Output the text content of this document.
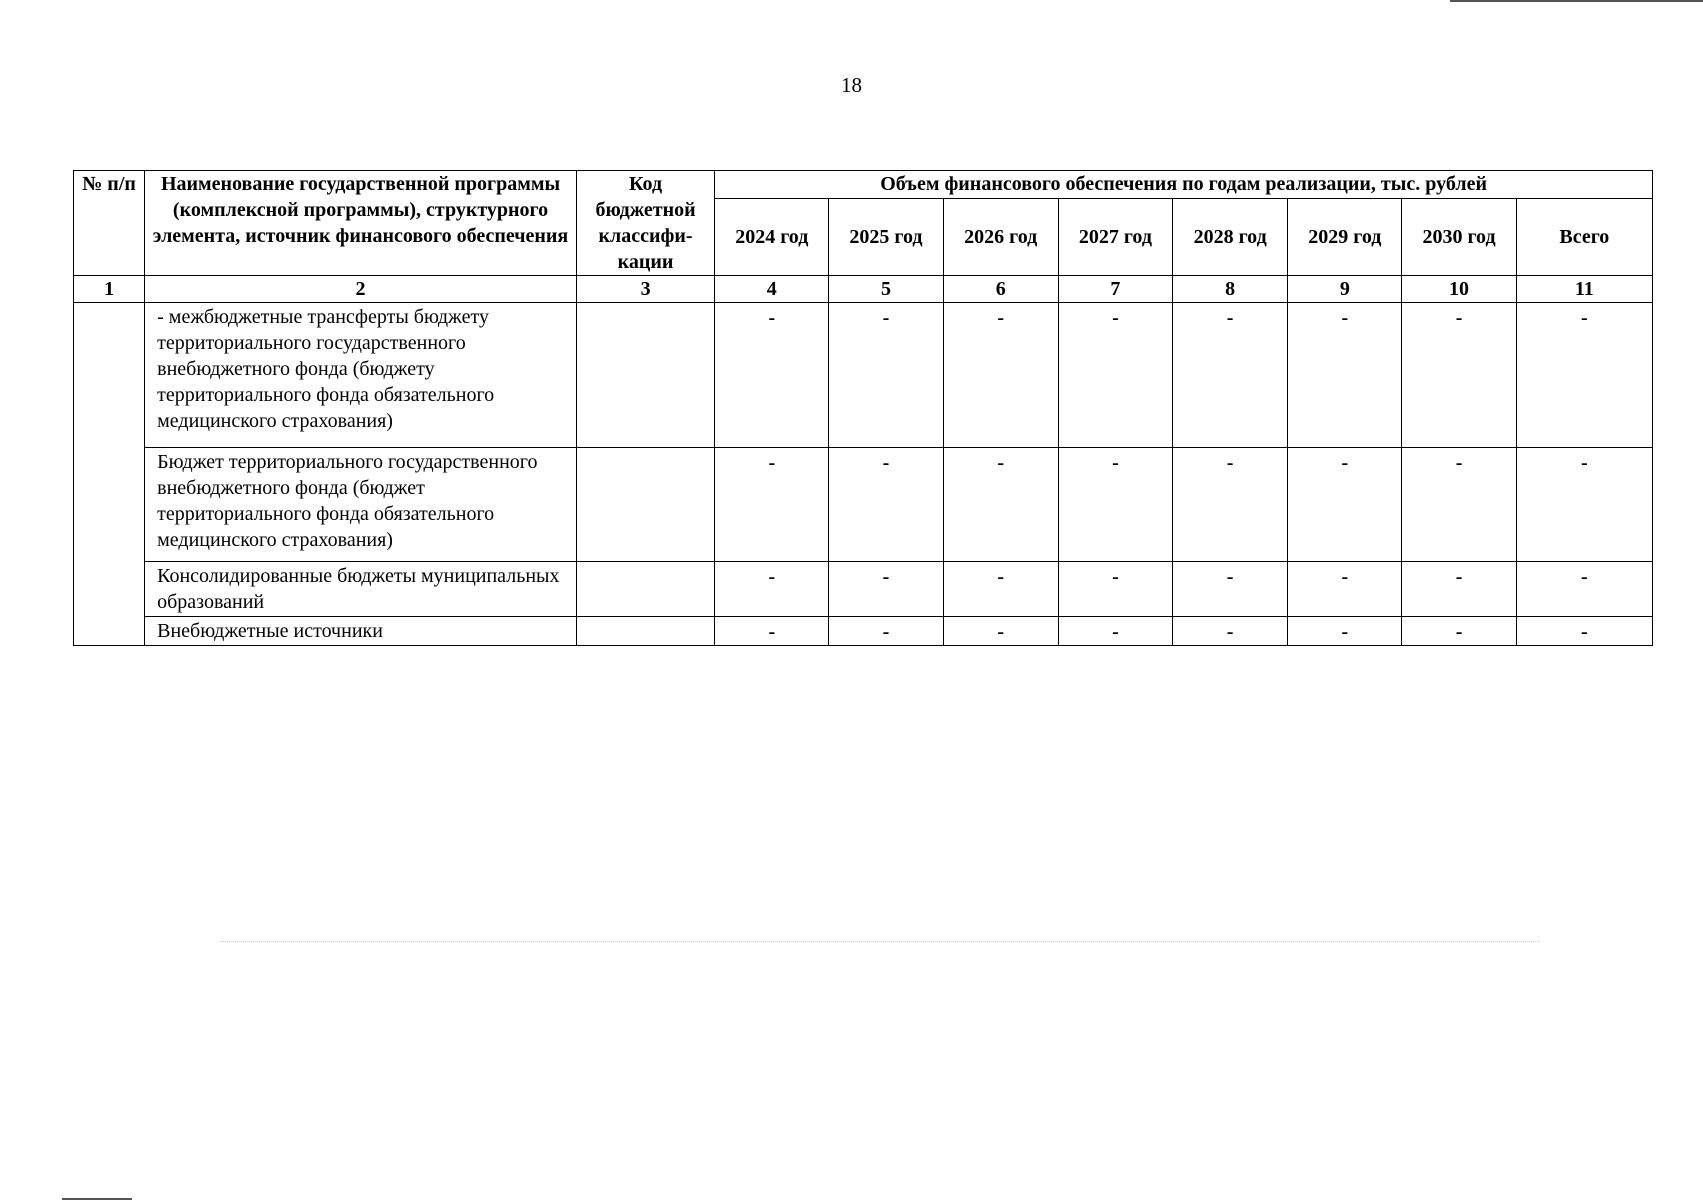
18
№ п/п	Наименование государственной программы (комплексной программы), структурного элемента, источник финансового обеспечения	Код бюджетной классифи-кации	Объем финансового обеспечения по годам реализации, тыс. рублей							
			2024 год	2025 год	2026 год	2027 год	2028 год	2029 год	2030 год	Всего
1	2	3	4	5	6	7	8	9	10	11
	- межбюджетные трансферты бюджету территориального государственного внебюджетного фонда (бюджету территориального фонда обязательного медицинского страхования)		-	-	-	-	-	-	-	-
	Бюджет территориального государственного внебюджетного фонда (бюджет территориального фонда обязательного медицинского страхования)		-	-	-	-	-	-	-	-
	Консолидированные бюджеты муниципальных образований		-	-	-	-	-	-	-	-
	Внебюджетные источники		-	-	-	-	-	-	-	-
